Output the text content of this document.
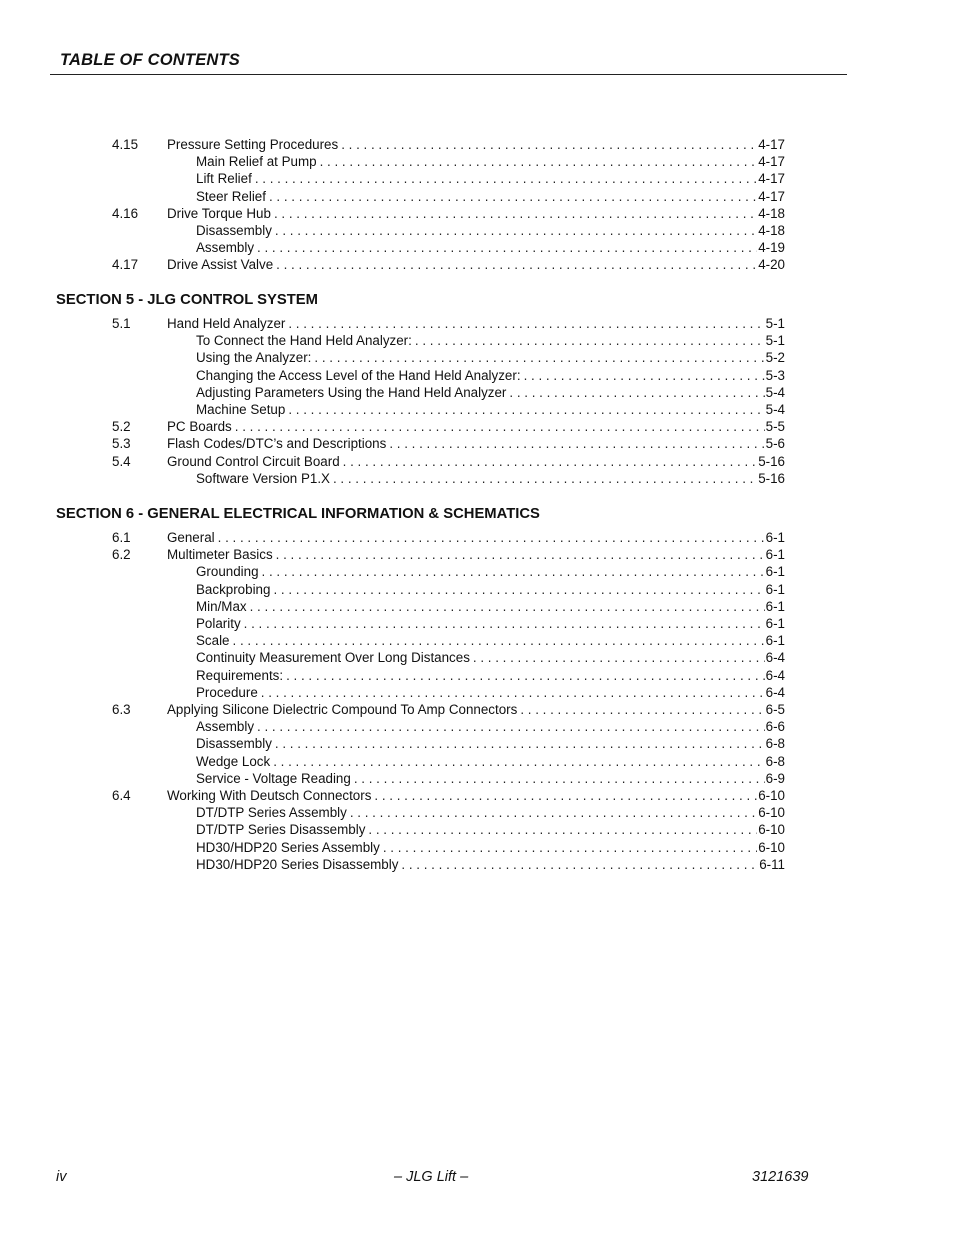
TABLE OF CONTENTS
4.15 Pressure Setting Procedures . . .	4-17
Main Relief at Pump . . .	4-17
Lift Relief . . .	4-17
Steer Relief . . .	4-17
4.16 Drive Torque Hub . . .	4-18
Disassembly . . .	4-18
Assembly . . .	4-19
4.17 Drive Assist Valve . . .	4-20
SECTION 5 - JLG CONTROL SYSTEM
5.1	Hand Held Analyzer . . .	5-1
To Connect the Hand Held Analyzer: . . .	5-1
Using the Analyzer: . . .	5-2
Changing the Access Level of the Hand Held Analyzer: . . .	5-3
Adjusting Parameters Using the Hand Held Analyzer . . .	5-4
Machine Setup . . .	5-4
5.2	PC Boards . . .	5-5
5.3	Flash Codes/DTC’s and Descriptions . . .	5-6
5.4	Ground Control Circuit Board . . .	5-16
Software Version P1.X . . .	5-16
SECTION 6 - GENERAL ELECTRICAL INFORMATION & SCHEMATICS
6.1	General . . .	6-1
6.2	Multimeter Basics . . .	6-1
Grounding . . .	6-1
Backprobing . . .	6-1
Min/Max . . .	6-1
Polarity . . .	6-1
Scale . . .	6-1
Continuity Measurement Over Long Distances . . .	6-4
Requirements: . . .	6-4
Procedure . . .	6-4
6.3	Applying Silicone Dielectric Compound To Amp Connectors . . .	6-5
Assembly . . .	6-6
Disassembly . . .	6-8
Wedge Lock . . .	6-8
Service - Voltage Reading . . .	6-9
6.4	Working With Deutsch Connectors . . .	6-10
DT/DTP Series Assembly . . .	6-10
DT/DTP Series Disassembly . . .	6-10
HD30/HDP20 Series Assembly . . .	6-10
HD30/HDP20 Series Disassembly . . .	6-11
iv	– JLG Lift –	3121639
